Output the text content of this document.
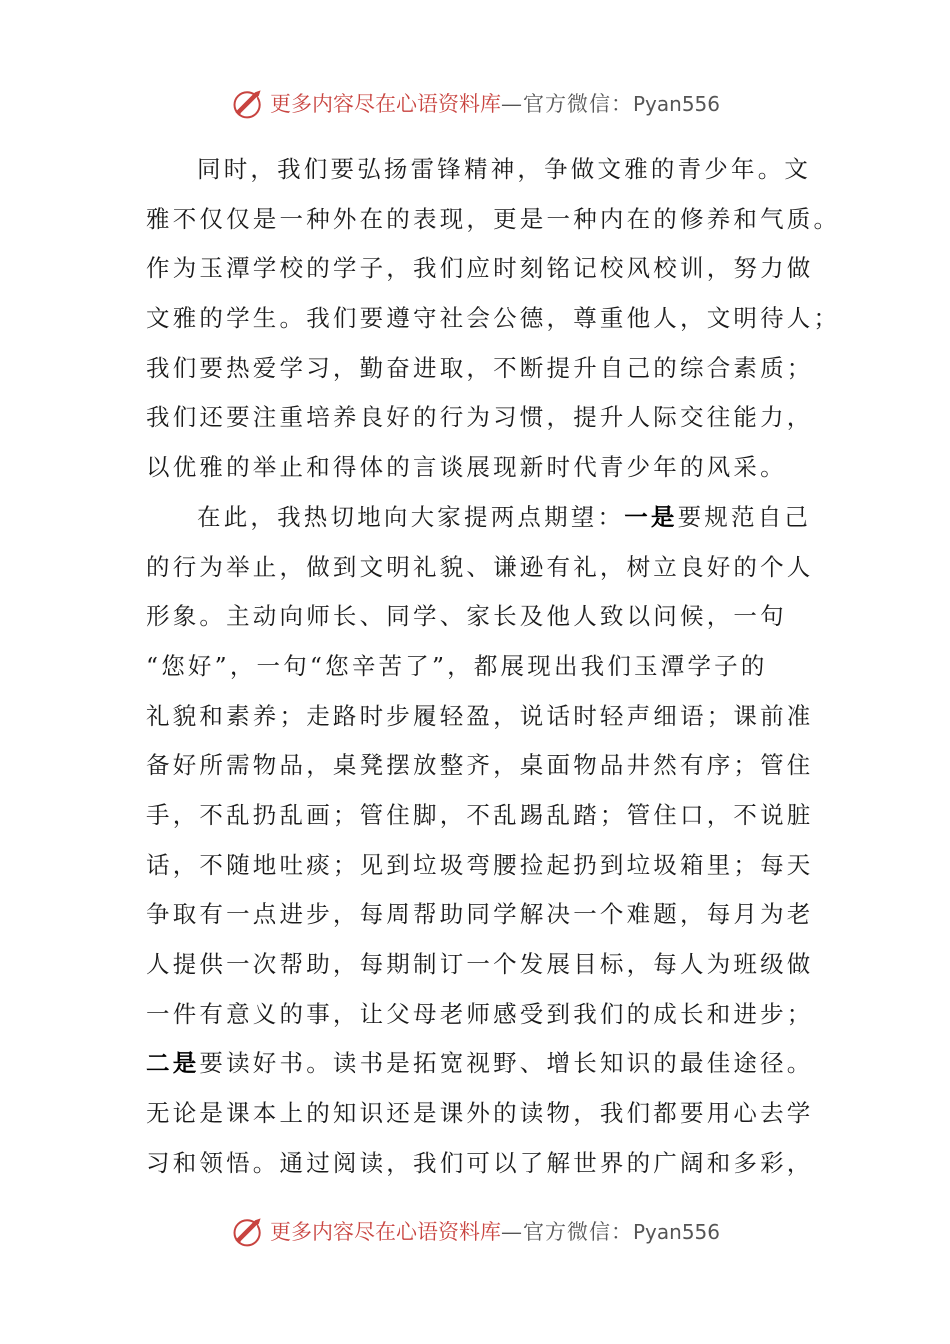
更多内容尽在心语资料库 —官方微信： Pyan556
同时，我们要弘扬雷锋精神，争做文雅的青少年。文
雅不仅仅是一种外在的表现，更是一种内在的修养和气质。
作为玉潭学校的学子，我们应时刻铭记校风校训，努力做
文雅的学生。我们要遵守社会公德，尊重他人，文明待人；
我们要热爱学习，勤奋进取，不断提升自己的综合素质；
我们还要注重培养良好的行为习惯，提升人际交往能力，
以优雅的举止和得体的言谈展现新时代青少年的风采。
在此，我热切地向大家提两点期望：一是要规范自己
的行为举止，做到文明礼貌、谦逊有礼，树立良好的个人
形象。主动向师长、同学、家长及他人致以问候，一句
“您好”，一句“您辛苦了”，都展现出我们玉潭学子的
礼貌和素养；走路时步履轻盈，说话时轻声细语；课前准
备好所需物品，桌凳摆放整齐，桌面物品井然有序；管住
手，不乱扔乱画；管住脚，不乱踢乱踏；管住口，不说脏
话，不随地吐痰；见到垃圾弯腰捡起扔到垃圾箱里；每天
争取有一点进步，每周帮助同学解决一个难题，每月为老
人提供一次帮助，每期制订一个发展目标，每人为班级做
一件有意义的事，让父母老师感受到我们的成长和进步；
二是要读好书。读书是拓宽视野、增长知识的最佳途径。
无论是课本上的知识还是课外的读物，我们都要用心去学
习和领悟。通过阅读，我们可以了解世界的广阔和多彩，
更多内容尽在心语资料库 —官方微信： Pyan556
